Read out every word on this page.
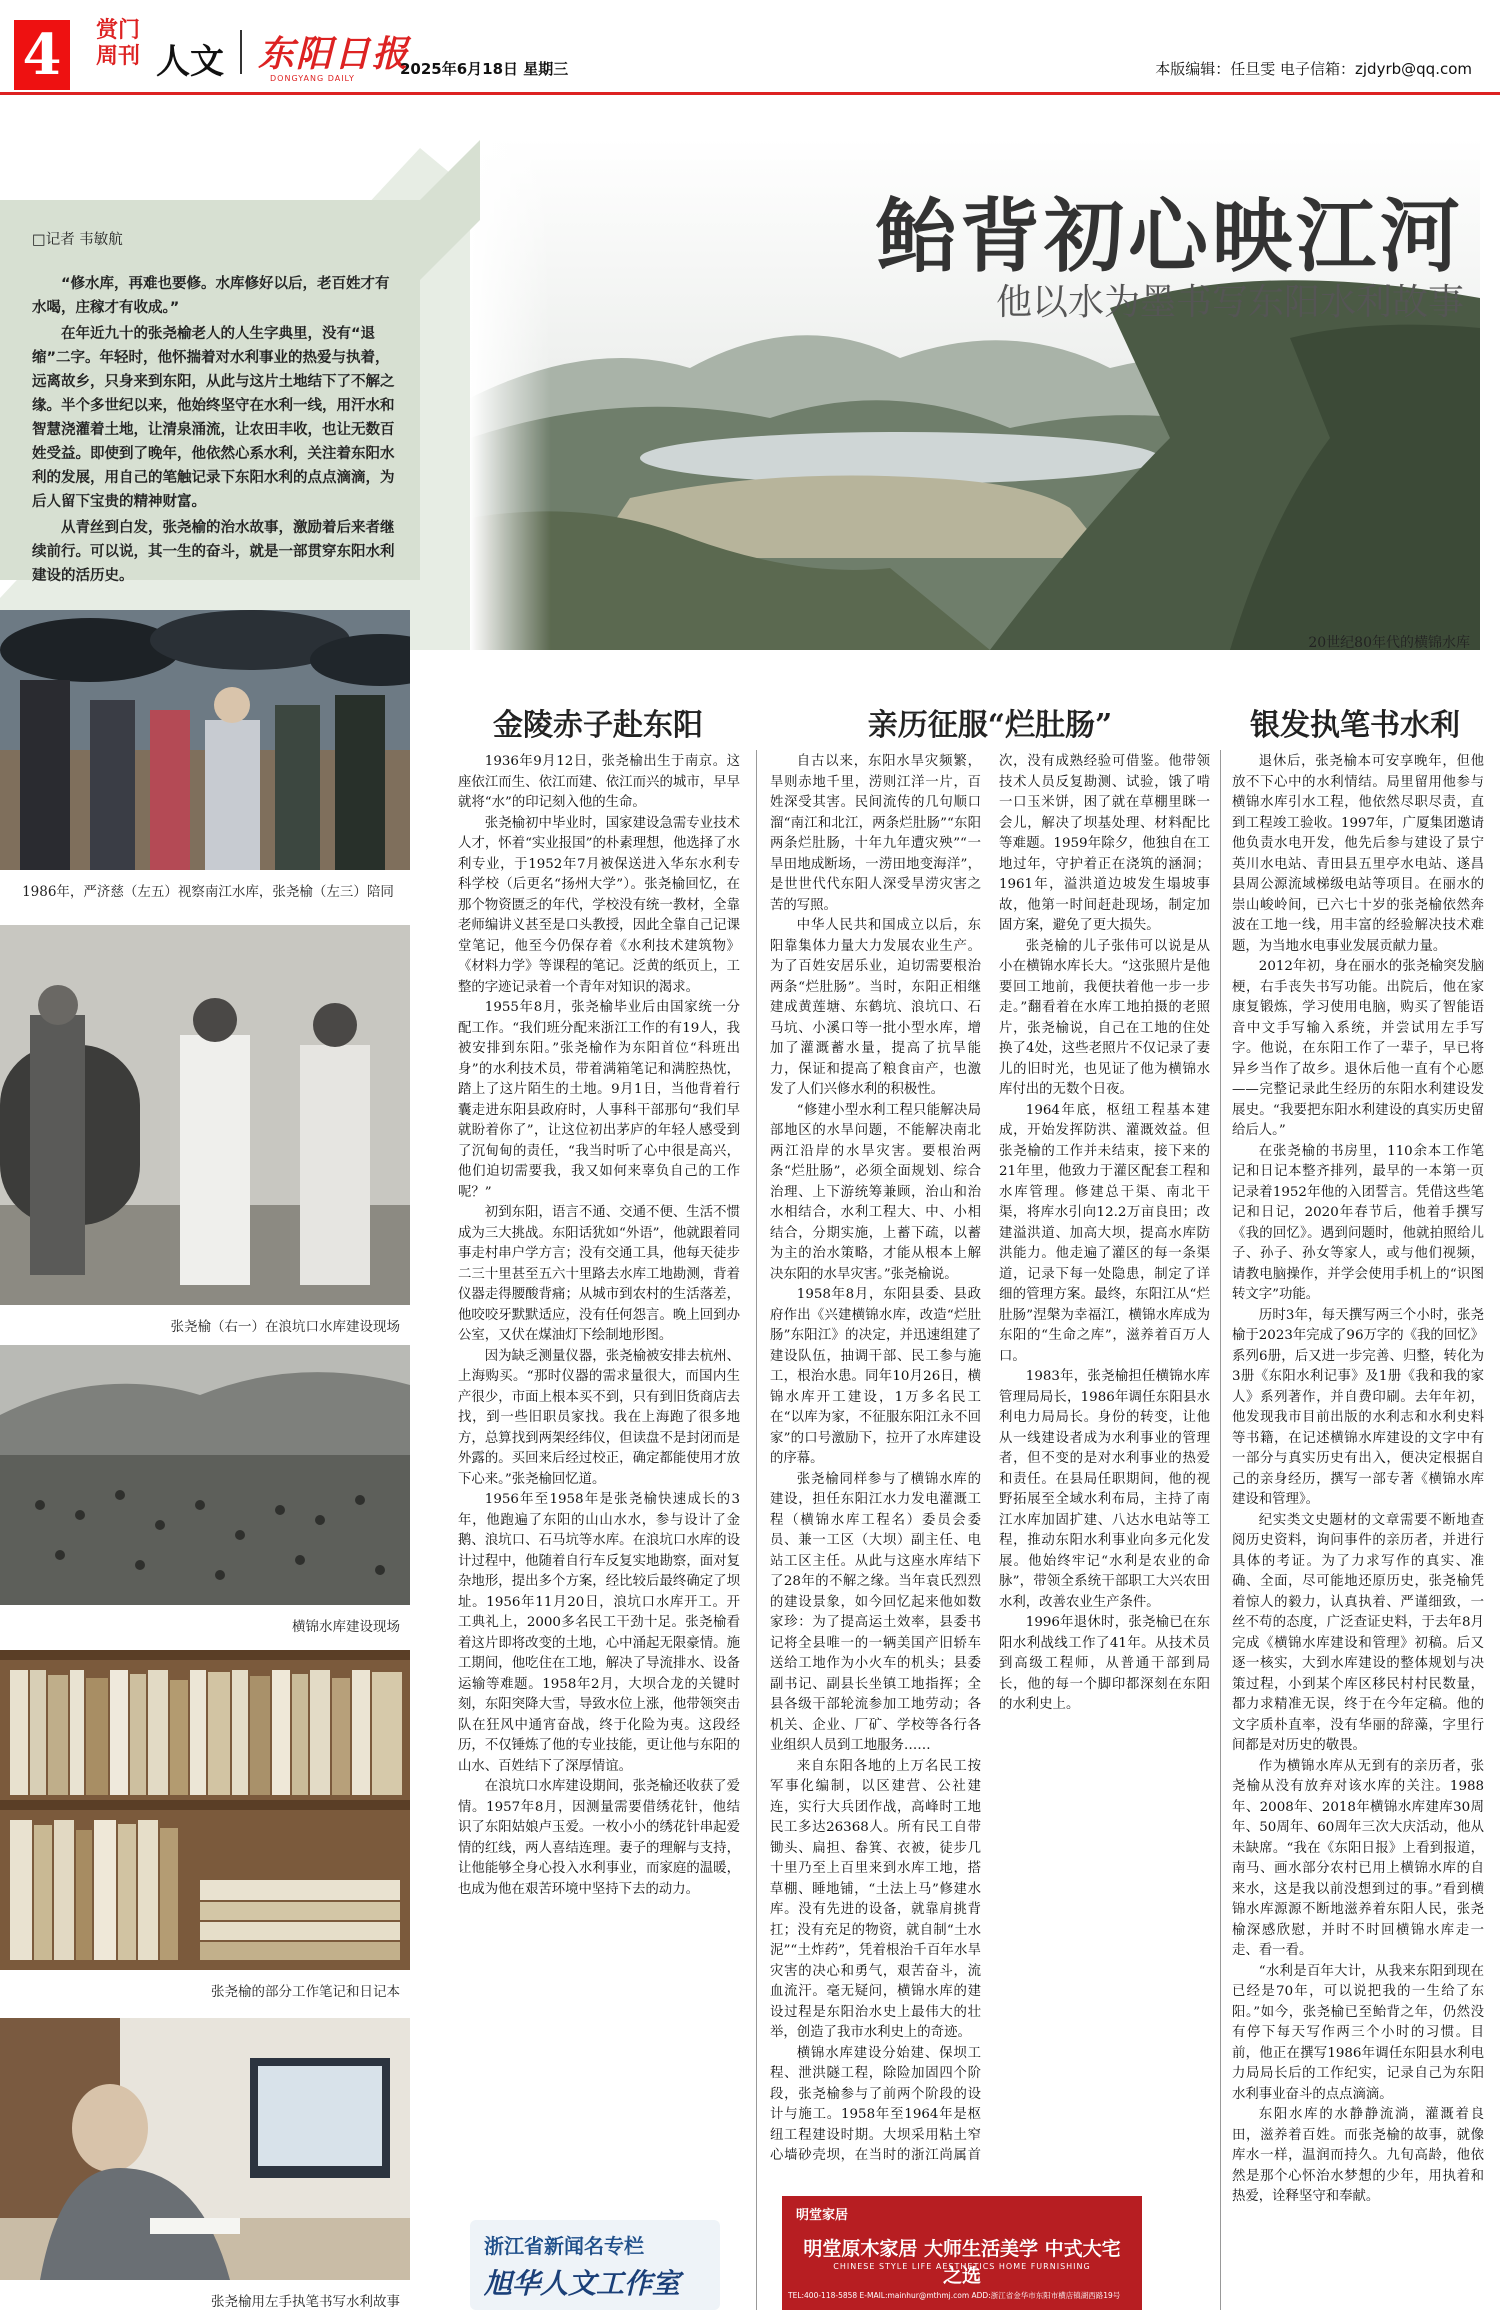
4	赏门周刊 人文 东阳日报
DONGYANG DAILY
2025年6月18日 星期三	本版编辑：任旦雯 电子信箱：zjdyrb@qq.com
鲐背初心映江河
他以水为墨书写东阳水利故事
20世纪80年代的横锦水库

□记者 韦敏航

“修水库，再难也要修。水库修好以后，老百姓才有水喝，庄稼才有收成。”

在年近九十的张尧榆老人的人生字典里，没有“退缩”二字。年轻时，他怀揣着对水利事业的热爱与执着，远离故乡，只身来到东阳，从此与这片土地结下了不解之缘。半个多世纪以来，他始终坚守在水利一线，用汗水和智慧浇灌着土地，让清泉涌流，让农田丰收，也让无数百姓受益。即使到了晚年，他依然心系水利，关注着东阳水利的发展，用自己的笔触记录下东阳水利的点点滴滴，为后人留下宝贵的精神财富。

从青丝到白发，张尧榆的治水故事，激励着后来者继续前行。可以说，其一生的奋斗，就是一部贯穿东阳水利建设的活历史。

1986年，严济慈（左五）视察南江水库，张尧榆（左三）陪同
张尧榆（右一）在浪坑口水库建设现场
横锦水库建设现场
张尧榆的部分工作笔记和日记本
张尧榆用左手执笔书写水利故事
金陵赤子赴东阳	亲历征服“烂肚肠”	银发执笔书水利

1936年9月12日，张尧榆出生于南京。这座依江而生、依江而建、依江而兴的城市，早早就将“水”的印记刻入他的生命。

张尧榆初中毕业时，国家建设急需专业技术人才，怀着“实业报国”的朴素理想，他选择了水利专业，于1952年7月被保送进入华东水利专科学校（后更名“扬州大学”）。张尧榆回忆，在那个物资匮乏的年代，学校没有统一教材，全靠老师编讲义甚至是口头教授，因此全靠自己记课堂笔记，他至今仍保存着《水利技术建筑物》《材料力学》等课程的笔记。泛黄的纸页上，工整的字迹记录着一个青年对知识的渴求。

1955年8月，张尧榆毕业后由国家统一分配工作。“我们班分配来浙江工作的有19人，我被安排到东阳。”张尧榆作为东阳首位“科班出身”的水利技术员，带着满箱笔记和满腔热忱，踏上了这片陌生的土地。9月1日，当他背着行囊走进东阳县政府时，人事科干部那句“我们早就盼着你了”，让这位初出茅庐的年轻人感受到了沉甸甸的责任，“我当时听了心中很是高兴，他们迫切需要我，我又如何来辜负自己的工作呢？”

初到东阳，语言不通、交通不便、生活不惯成为三大挑战。东阳话犹如“外语”，他就跟着同事走村串户学方言；没有交通工具，他每天徒步二三十里甚至五六十里路去水库工地勘测，背着仪器走得腰酸背痛；从城市到农村的生活落差，他咬咬牙默默适应，没有任何怨言。晚上回到办公室，又伏在煤油灯下绘制地形图。

因为缺乏测量仪器，张尧榆被安排去杭州、上海购买。“那时仪器的需求量很大，而国内生产很少，市面上根本买不到，只有到旧货商店去找，到一些旧职员家找。我在上海跑了很多地方，总算找到两架经纬仪，但读盘不是封闭而是外露的。买回来后经过校正，确定都能使用才放下心来。”张尧榆回忆道。

1956年至1958年是张尧榆快速成长的3年，他跑遍了东阳的山山水水，参与设计了金鹅、浪坑口、石马坑等水库。在浪坑口水库的设计过程中，他随着自行车反复实地勘察，面对复杂地形，提出多个方案，经比较后最终确定了坝址。1956年11月20日，浪坑口水库开工。开工典礼上，2000多名民工干劲十足。张尧榆看着这片即将改变的土地，心中涌起无限豪情。施工期间，他吃住在工地，解决了导流排水、设备运输等难题。1958年2月，大坝合龙的关键时刻，东阳突降大雪，导致水位上涨，他带领突击队在狂风中通宵奋战，终于化险为夷。这段经历，不仅锤炼了他的专业技能，更让他与东阳的山水、百姓结下了深厚情谊。

在浪坑口水库建设期间，张尧榆还收获了爱情。1957年8月，因测量需要借绣花针，他结识了东阳姑娘卢玉爱。一枚小小的绣花针串起爱情的红线，两人喜结连理。妻子的理解与支持，让他能够全身心投入水利事业，而家庭的温暖，也成为他在艰苦环境中坚持下去的动力。

自古以来，东阳水旱灾频繁，旱则赤地千里，涝则江洋一片，百姓深受其害。民间流传的几句顺口溜“南江和北江，两条烂肚肠”“东阳两条烂肚肠，十年九年遭灾殃”“一旱田地成断场，一涝田地变海洋”，是世世代代东阳人深受旱涝灾害之苦的写照。

中华人民共和国成立以后，东阳靠集体力量大力发展农业生产。为了百姓安居乐业，迫切需要根治两条“烂肚肠”。当时，东阳正相继建成黄莲塘、东鹤坑、浪坑口、石马坑、小溪口等一批小型水库，增加了灌溉蓄水量，提高了抗旱能力，保证和提高了粮食亩产，也激发了人们兴修水利的积极性。

“修建小型水利工程只能解决局部地区的水旱问题，不能解决南北两江沿岸的水旱灾害。要根治两条“烂肚肠”，必须全面规划、综合治理、上下游统筹兼顾，治山和治水相结合，水利工程大、中、小相结合，分期实施，上蓄下疏，以蓄为主的治水策略，才能从根本上解决东阳的水旱灾害。”张尧榆说。

1958年8月，东阳县委、县政府作出《兴建横锦水库，改造“烂肚肠”东阳江》的决定，并迅速组建了建设队伍，抽调干部、民工参与施工，根治水患。同年10月26日，横锦水库开工建设，1万多名民工在“以库为家，不征服东阳江永不回家”的口号激励下，拉开了水库建设的序幕。

张尧榆同样参与了横锦水库的建设，担任东阳江水力发电灌溉工程（横锦水库工程名）委员会委员、兼一工区（大坝）副主任、电站工区主任。从此与这座水库结下了28年的不解之缘。当年袁氏烈烈的建设景象，如今回忆起来他如数家珍：为了提高运土效率，县委书记将全县唯一的一辆美国产旧轿车送给工地作为小火车的机头；县委副书记、副县长坐镇工地指挥；全县各级干部轮流参加工地劳动；各机关、企业、厂矿、学校等各行各业组织人员到工地服务……

来自东阳各地的上万名民工按军事化编制，以区建营、公社建连，实行大兵团作战，高峰时工地民工多达26368人。所有民工自带锄头、扁担、畚箕、衣被，徒步几十里乃至上百里来到水库工地，搭草棚、睡地铺，“土法上马”修建水库。没有先进的设备，就靠肩挑背扛；没有充足的物资，就自制“土水泥”“土炸药”，凭着根治千百年水旱灾害的决心和勇气，艰苦奋斗，流血流汗。毫无疑问，横锦水库的建设过程是东阳治水史上最伟大的壮举，创造了我市水利史上的奇迹。

横锦水库建设分始建、保坝工程、泄洪隧工程，除险加固四个阶段，张尧榆参与了前两个阶段的设计与施工。1958年至1964年是枢纽工程建设时期。大坝采用粘土窄心墙砂壳坝，在当时的浙江尚属首次，没有成熟经验可借鉴。他带领技术人员反复勘测、试验，饿了啃一口玉米饼，困了就在草棚里眯一会儿，解决了坝基处理、材料配比等难题。1959年除夕，他独自在工地过年，守护着正在浇筑的涵洞；1961年，溢洪道边坡发生塌坡事故，他第一时间赶赴现场，制定加固方案，避免了更大损失。

张尧榆的儿子张伟可以说是从小在横锦水库长大。“这张照片是他要回工地前，我便扶着他一步一步走。”翻看着在水库工地拍摄的老照片，张尧榆说，自己在工地的住处换了4处，这些老照片不仅记录了妻儿的旧时光，也见证了他为横锦水库付出的无数个日夜。

1964年底，枢纽工程基本建成，开始发挥防洪、灌溉效益。但张尧榆的工作并未结束，接下来的21年里，他致力于灌区配套工程和水库管理。修建总干渠、南北干渠，将库水引向12.2万亩良田；改建溢洪道、加高大坝，提高水库防洪能力。他走遍了灌区的每一条渠道，记录下每一处隐患，制定了详细的管理方案。最终，东阳江从“烂肚肠”涅槃为幸福江，横锦水库成为东阳的“生命之库”，滋养着百万人口。

1983年，张尧榆担任横锦水库管理局局长，1986年调任东阳县水利电力局局长。身份的转变，让他从一线建设者成为水利事业的管理者，但不变的是对水利事业的热爱和责任。在县局任职期间，他的视野拓展至全域水利布局，主持了南江水库加固扩建、八达水电站等工程，推动东阳水利事业向多元化发展。他始终牢记“水利是农业的命脉”，带领全系统干部职工大兴农田水利，改善农业生产条件。

1996年退休时，张尧榆已在东阳水利战线工作了41年。从技术员到高级工程师，从普通干部到局长，他的每一个脚印都深刻在东阳的水利史上。

退休后，张尧榆本可安享晚年，但他放不下心中的水利情结。局里留用他参与横锦水库引水工程，他依然尽职尽责，直到工程竣工验收。1997年，广厦集团邀请他负责水电开发，他先后参与建设了景宁英川水电站、青田县五里亭水电站、遂昌县周公源流域梯级电站等项目。在丽水的崇山峻岭间，已六七十岁的张尧榆依然奔波在工地一线，用丰富的经验解决技术难题，为当地水电事业发展贡献力量。

2012年初，身在丽水的张尧榆突发脑梗，右手丧失书写功能。出院后，他在家康复锻炼，学习使用电脑，购买了智能语音中文手写输入系统，并尝试用左手写字。他说，在东阳工作了一辈子，早已将异乡当作了故乡。退休后他一直有个心愿——完整记录此生经历的东阳水利建设发展史。“我要把东阳水利建设的真实历史留给后人。”

在张尧榆的书房里，110余本工作笔记和日记本整齐排列，最早的一本第一页记录着1952年他的入团誓言。凭借这些笔记和日记，2020年春节后，他着手撰写《我的回忆》。遇到问题时，他就拍照给儿子、孙子、孙女等家人，或与他们视频，请教电脑操作，并学会使用手机上的“识图转文字”功能。

历时3年，每天撰写两三个小时，张尧榆于2023年完成了96万字的《我的回忆》系列6册，后又进一步完善、归整，转化为3册《东阳水利记事》及1册《我和我的家人》系列著作，并自费印刷。去年年初，他发现我市目前出版的水利志和水利史料等书籍，在记述横锦水库建设的文字中有一部分与真实历史有出入，便决定根据自己的亲身经历，撰写一部专著《横锦水库建设和管理》。

纪实类文史题材的文章需要不断地查阅历史资料，询问事件的亲历者，并进行具体的考证。为了力求写作的真实、准确、全面，尽可能地还原历史，张尧榆凭着惊人的毅力，认真执着、严谨细致，一丝不苟的态度，广泛查证史料，于去年8月完成《横锦水库建设和管理》初稿。后又逐一核实，大到水库建设的整体规划与决策过程，小到某个库区移民村村民数量，都力求精准无误，终于在今年定稿。他的文字质朴直率，没有华丽的辞藻，字里行间都是对历史的敬畏。

作为横锦水库从无到有的亲历者，张尧榆从没有放弃对该水库的关注。1988年、2008年、2018年横锦水库建库30周年、50周年、60周年三次大庆活动，他从未缺席。“我在《东阳日报》上看到报道，南马、画水部分农村已用上横锦水库的自来水，这是我以前没想到过的事。”看到横锦水库源源不断地滋养着东阳人民，张尧榆深感欣慰，并时不时回横锦水库走一走、看一看。

“水利是百年大计，从我来东阳到现在已经是70年，可以说把我的一生给了东阳。”如今，张尧榆已至鲐背之年，仍然没有停下每天写作两三个小时的习惯。目前，他正在撰写1986年调任东阳县水利电力局局长后的工作纪实，记录自己为东阳水利事业奋斗的点点滴滴。

东阳水库的水静静流淌，灌溉着良田，滋养着百姓。而张尧榆的故事，就像库水一样，温润而持久。九旬高龄，他依然是那个心怀治水梦想的少年，用执着和热爱，诠释坚守和奉献。

浙江省新闻名专栏
旭华人文工作室
明堂家居
明堂原木家居 大师生活美学 中式大宅之选
CHINESE STYLE LIFE AESTHETICS HOME FURNISHING
TEL:400-118-5858 E-MAIL:mainhur@mthmj.com ADD:浙江省金华市东阳市横店镇湖西路19号
